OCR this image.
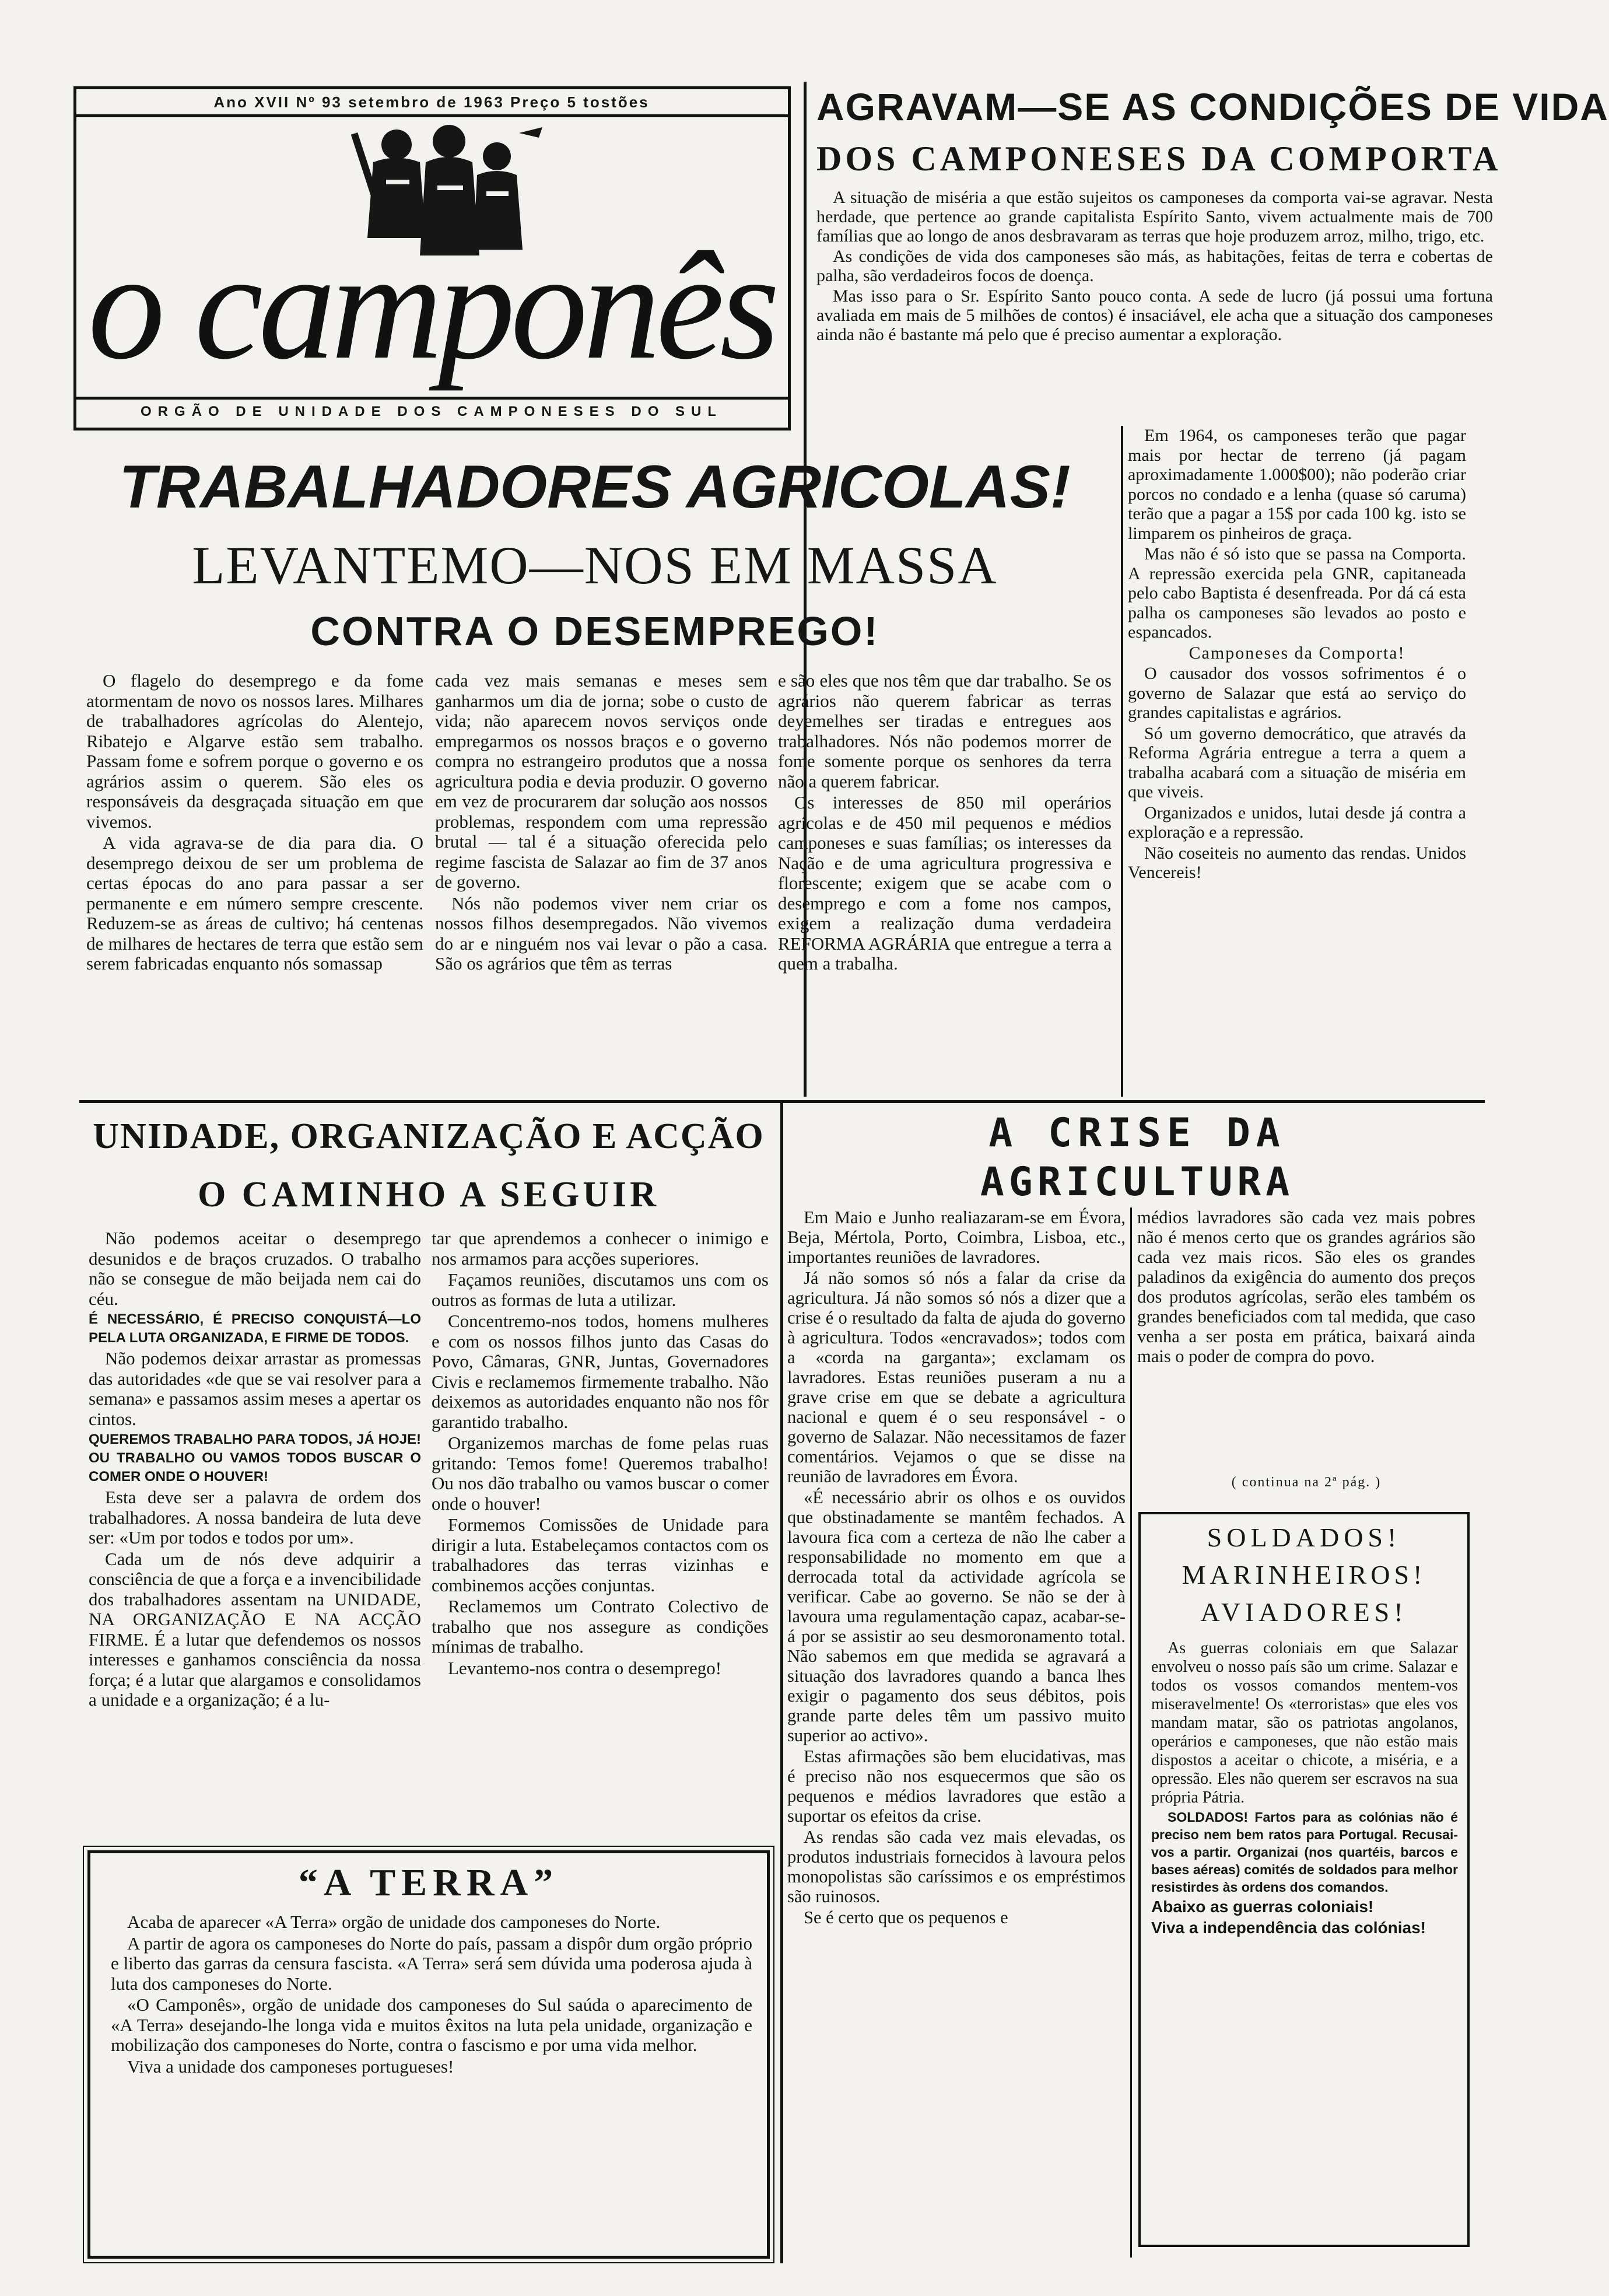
Ano XVII Nº 93 setembro de 1963 Preço 5 tostões
o camponês
ORGÃO DE UNIDADE DOS CAMPONESES DO SUL
AGRAVAM—SE AS CONDIÇÕES DE VIDA
DOS CAMPONESES DA COMPORTA

A situação de miséria a que estão sujeitos os camponeses da comporta vai-se agravar. Nesta herdade, que pertence ao grande capitalista Espírito Santo, vivem actualmente mais de 700 famílias que ao longo de anos desbravaram as terras que hoje produzem arroz, milho, trigo, etc.

As condições de vida dos camponeses são más, as habitações, feitas de terra e cobertas de palha, são verdadeiros focos de doença.

Mas isso para o Sr. Espírito Santo pouco conta. A sede de lucro (já possui uma fortuna avaliada em mais de 5 milhões de contos) é insaciável, ele acha que a situação dos camponeses ainda não é bastante má pelo que é preciso aumentar a exploração.

Em 1964, os camponeses terão que pagar mais por hectar de terreno (já pagam aproximadamente 1.000$00); não poderão criar porcos no condado e a lenha (quase só caruma) terão que a pagar a 15$ por cada 100 kg. isto se limparem os pinheiros de graça.

Mas não é só isto que se passa na Comporta. A repressão exercida pela GNR, capitaneada pelo cabo Baptista é desenfreada. Por dá cá esta palha os camponeses são levados ao posto e espancados.

Camponeses da Comporta!

O causador dos vossos sofrimentos é o governo de Salazar que está ao serviço do grandes capitalistas e agrários.

Só um governo democrático, que através da Reforma Agrária entregue a terra a quem a trabalha acabará com a situação de miséria em que viveis.

Organizados e unidos, lutai desde já contra a exploração e a repressão.

Não coseiteis no aumento das rendas. Unidos Vencereis!

TRABALHADORES AGRICOLAS!
LEVANTEMO—NOS EM MASSA
CONTRA O DESEMPREGO!

O flagelo do desemprego e da fome atormentam de novo os nossos lares. Milhares de trabalhadores agrícolas do Alentejo, Ribatejo e Algarve estão sem trabalho. Passam fome e sofrem porque o governo e os agrários assim o querem. São eles os responsáveis da desgraçada situação em que vivemos.

A vida agrava-se de dia para dia. O desemprego deixou de ser um problema de certas épocas do ano para passar a ser permanente e em número sempre crescente. Reduzem-se as áreas de cultivo; há centenas de milhares de hectares de terra que estão sem serem fabricadas enquanto nós somassap

cada vez mais semanas e meses sem ganharmos um dia de jorna; sobe o custo de vida; não aparecem novos serviços onde empregarmos os nossos braços e o governo compra no estrangeiro produtos que a nossa agricultura podia e devia produzir. O governo em vez de procurarem dar solução aos nossos problemas, respondem com uma repressão brutal — tal é a situação oferecida pelo regime fascista de Salazar ao fim de 37 anos de governo.

Nós não podemos viver nem criar os nossos filhos desempregados. Não vivemos do ar e ninguém nos vai levar o pão a casa. São os agrários que têm as terras

e são eles que nos têm que dar trabalho. Se os agrários não querem fabricar as terras deyemelhes ser tiradas e entregues aos trabalhadores. Nós não podemos morrer de fome somente porque os senhores da terra não a querem fabricar.

Os interesses de 850 mil operários agrícolas e de 450 mil pequenos e médios camponeses e suas famílias; os interesses da Nação e de uma agricultura progressiva e florescente; exigem que se acabe com o desemprego e com a fome nos campos, exigem a realização duma verdadeira REFORMA AGRÁRIA que entregue a terra a quem a trabalha.

UNIDADE, ORGANIZAÇÃO E ACÇÃO
O CAMINHO A SEGUIR

Não podemos aceitar o desemprego desunidos e de braços cruzados. O trabalho não se consegue de mão beijada nem cai do céu.

É NECESSÁRIO, É PRECISO CONQUISTÁ—LO PELA LUTA ORGANIZADA, E FIRME DE TODOS.

Não podemos deixar arrastar as promessas das autoridades «de que se vai resolver para a semana» e passamos assim meses a apertar os cintos.

QUEREMOS TRABALHO PARA TODOS, JÁ HOJE! OU TRABALHO OU VAMOS TODOS BUSCAR O COMER ONDE O HOUVER!

Esta deve ser a palavra de ordem dos trabalhadores. A nossa bandeira de luta deve ser: «Um por todos e todos por um».

Cada um de nós deve adquirir a consciência de que a força e a invencibilidade dos trabalhadores assentam na UNIDADE, NA ORGANIZAÇÃO E NA ACÇÃO FIRME. É a lutar que defendemos os nossos interesses e ganhamos consciência da nossa força; é a lutar que alargamos e consolidamos a unidade e a organização; é a lu-

tar que aprendemos a conhecer o inimigo e nos armamos para acções superiores.

Façamos reuniões, discutamos uns com os outros as formas de luta a utilizar.

Concentremo-nos todos, homens mulheres e com os nossos filhos junto das Casas do Povo, Câmaras, GNR, Juntas, Governadores Civis e reclamemos firmemente trabalho. Não deixemos as autoridades enquanto não nos fôr garantido trabalho.

Organizemos marchas de fome pelas ruas gritando: Temos fome! Queremos trabalho! Ou nos dão trabalho ou vamos buscar o comer onde o houver!

Formemos Comissões de Unidade para dirigir a luta. Estabeleçamos contactos com os trabalhadores das terras vizinhas e combinemos acções conjuntas.

Reclamemos um Contrato Colectivo de trabalho que nos assegure as condições mínimas de trabalho.

Levantemo-nos contra o desemprego!

“A TERRA”

Acaba de aparecer «A Terra» orgão de unidade dos camponeses do Norte.

A partir de agora os camponeses do Norte do país, passam a dispôr dum orgão próprio e liberto das garras da censura fascista. «A Terra» será sem dúvida uma poderosa ajuda à luta dos camponeses do Norte.

«O Camponês», orgão de unidade dos camponeses do Sul saúda o aparecimento de «A Terra» desejando-lhe longa vida e muitos êxitos na luta pela unidade, organização e mobilização dos camponeses do Norte, contra o fascismo e por uma vida melhor.

Viva a unidade dos camponeses portugueses!

A CRISE DA
AGRICULTURA

Em Maio e Junho realiazaram-se em Évora, Beja, Mértola, Porto, Coimbra, Lisboa, etc., importantes reuniões de lavradores.

Já não somos só nós a falar da crise da agricultura. Já não somos só nós a dizer que a crise é o resultado da falta de ajuda do governo à agricultura. Todos «encravados»; todos com a «corda na garganta»; exclamam os lavradores. Estas reuniões puseram a nu a grave crise em que se debate a agricultura nacional e quem é o seu responsável - o governo de Salazar. Não necessitamos de fazer comentários. Vejamos o que se disse na reunião de lavradores em Évora.

«É necessário abrir os olhos e os ouvidos que obstinadamente se mantêm fechados. A lavoura fica com a certeza de não lhe caber a responsabilidade no momento em que a derrocada total da actividade agrícola se verificar. Cabe ao governo. Se não se der à lavoura uma regulamentação capaz, acabar-se-á por se assistir ao seu desmoronamento total. Não sabemos em que medida se agravará a situação dos lavradores quando a banca lhes exigir o pagamento dos seus débitos, pois grande parte deles têm um passivo muito superior ao activo».

Estas afirmações são bem elucidativas, mas é preciso não nos esquecermos que são os pequenos e médios lavradores que estão a suportar os efeitos da crise.

As rendas são cada vez mais elevadas, os produtos industriais fornecidos à lavoura pelos monopolistas são caríssimos e os empréstimos são ruinosos.

Se é certo que os pequenos e

médios lavradores são cada vez mais pobres não é menos certo que os grandes agrários são cada vez mais ricos. São eles os grandes paladinos da exigência do aumento dos preços dos produtos agrícolas, serão eles também os grandes beneficiados com tal medida, que caso venha a ser posta em prática, baixará ainda mais o poder de compra do povo.

( continua na 2ª pág. )
SOLDADOS!
MARINHEIROS!
AVIADORES!

As guerras coloniais em que Salazar envolveu o nosso país são um crime. Salazar e todos os vossos comandos mentem-vos miseravelmente! Os «terroristas» que eles vos mandam matar, são os patriotas angolanos, operários e camponeses, que não estão mais dispostos a aceitar o chicote, a miséria, e a opressão. Eles não querem ser escravos na sua própria Pátria.

SOLDADOS! Fartos para as colónias não é preciso nem bem ratos para Portugal. Recusai-vos a partir. Organizai (nos quartéis, barcos e bases aéreas) comités de soldados para melhor resistirdes às ordens dos comandos.

Abaixo as guerras coloniais!

Viva a independência das colónias!
